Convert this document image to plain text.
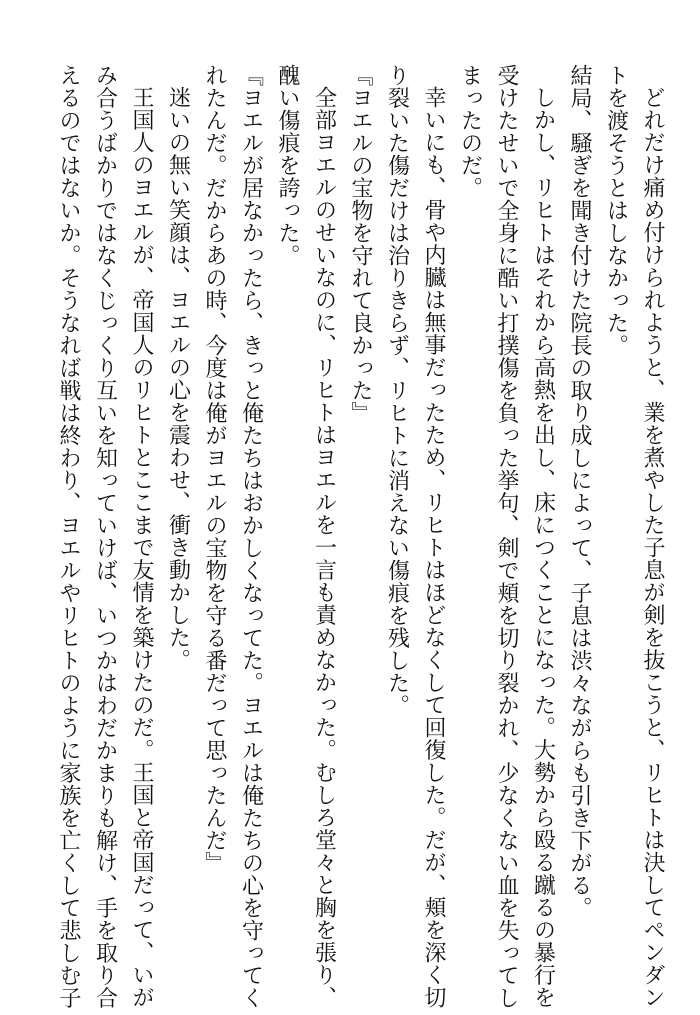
どれだけ痛め付けられようと、業を煮やした子息が剣を抜こうと、リヒトは決してペンダン
トを渡そうとはしなかった。
結局、騒ぎを聞き付けた院長の取り成しによって、子息は渋々ながらも引き下がる。
しかし、リヒトはそれから高熱を出し、床につくことになった。大勢から殴る蹴るの暴行を
受けたせいで全身に酷い打撲傷を負った挙句、剣で頬を切り裂かれ、少なくない血を失ってし
まったのだ。
幸いにも、骨や内臓は無事だったため、リヒトはほどなくして回復した。だが、頬を深く切
り裂いた傷だけは治りきらず、リヒトに消えない傷痕を残した。
『ヨエルの宝物を守れて良かった』
全部ヨエルのせいなのに、リヒトはヨエルを一言も責めなかった。むしろ堂々と胸を張り、
醜い傷痕を誇った。
『ヨエルが居なかったら、きっと俺たちはおかしくなってた。ヨエルは俺たちの心を守ってく
れたんだ。だからあの時、今度は俺がヨエルの宝物を守る番だって思ったんだ』
迷いの無い笑顔は、ヨエルの心を震わせ、衝き動かした。
王国人のヨエルが、帝国人のリヒトとここまで友情を築けたのだ。王国と帝国だって、いが
み合うばかりではなくじっくり互いを知っていけば、いつかはわだかまりも解け、手を取り合
えるのではないか。そうなれば戦は終わり、ヨエルやリヒトのように家族を亡くして悲しむ子
